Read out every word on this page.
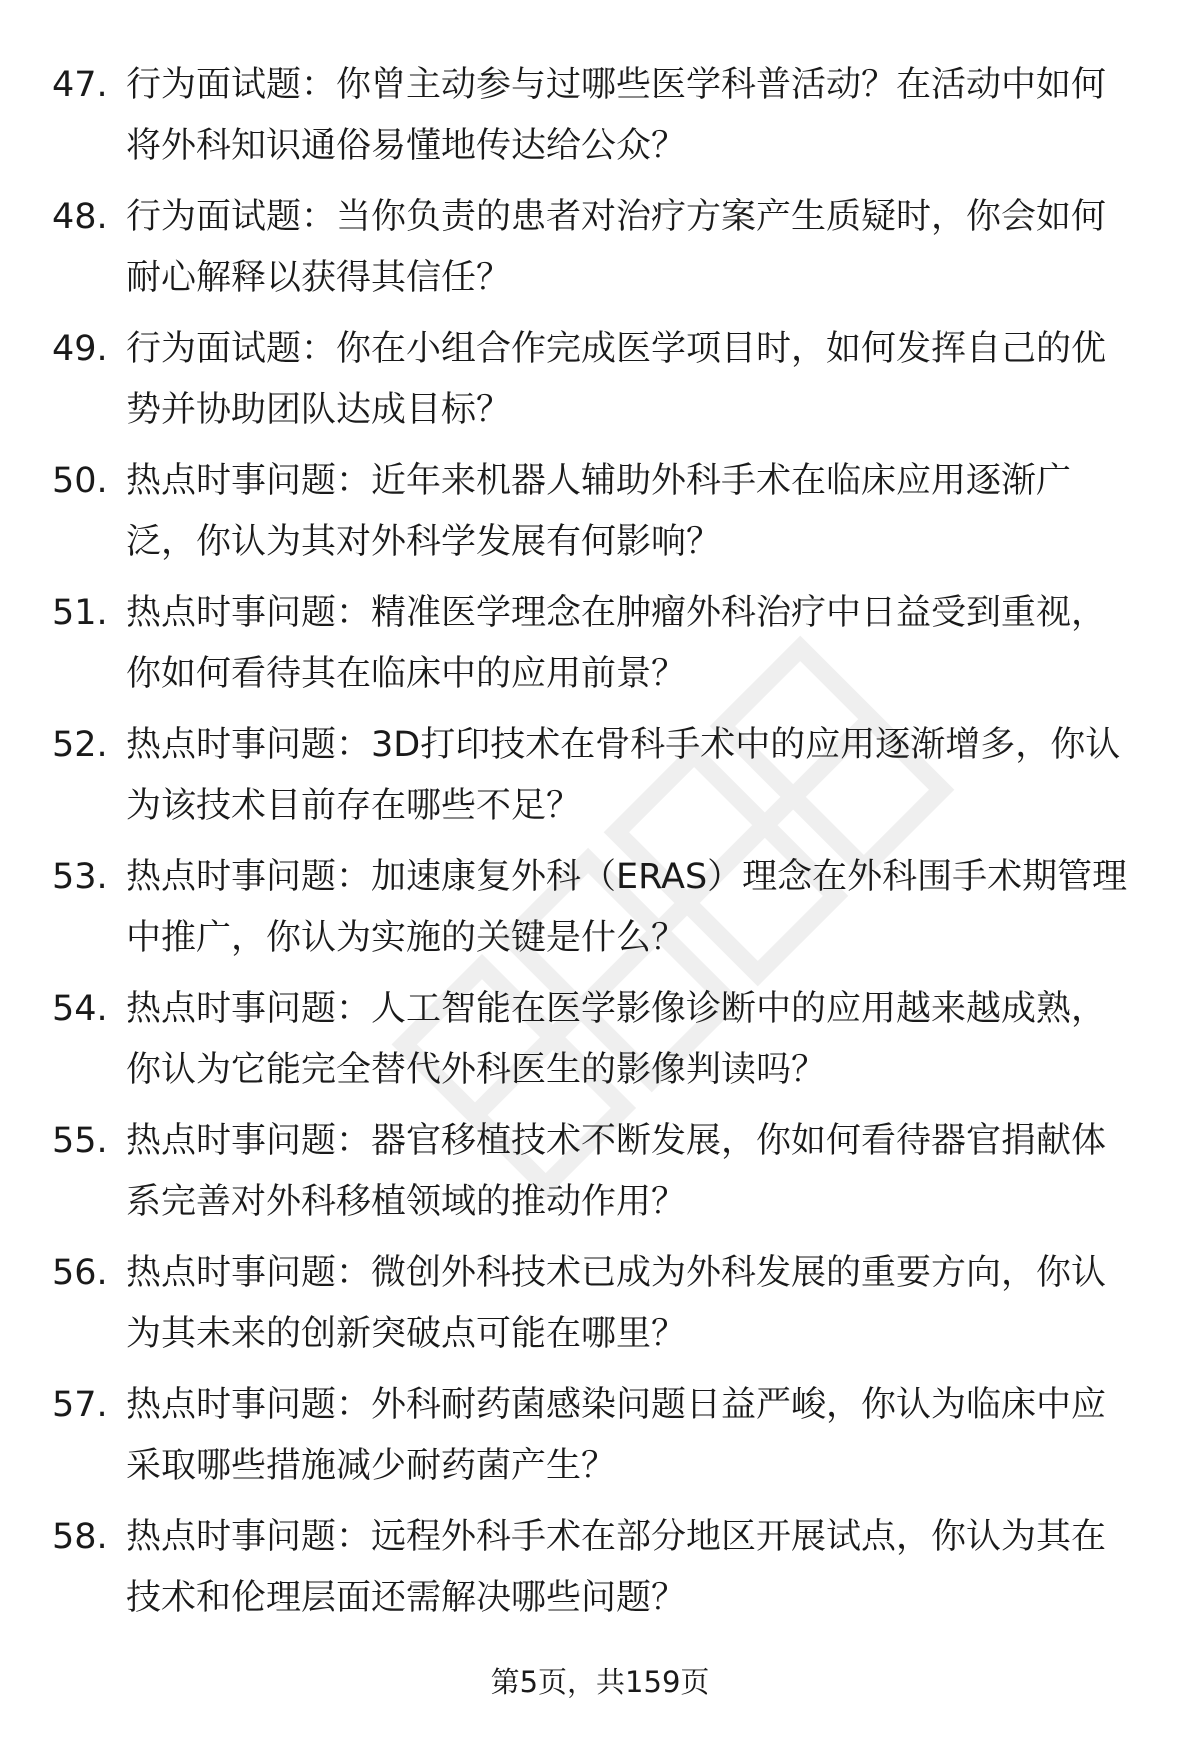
47. 行为面试题：你曾主动参与过哪些医学科普活动？在活动中如何
将外科知识通俗易懂地传达给公众？
48. 行为面试题：当你负责的患者对治疗方案产生质疑时，你会如何
耐心解释以获得其信任？
49. 行为面试题：你在小组合作完成医学项目时，如何发挥自己的优
势并协助团队达成目标？
50. 热点时事问题：近年来机器人辅助外科手术在临床应用逐渐广
泛，你认为其对外科学发展有何影响？
51. 热点时事问题：精准医学理念在肿瘤外科治疗中日益受到重视，
你如何看待其在临床中的应用前景？
52. 热点时事问题：3D打印技术在骨科手术中的应用逐渐增多，你认
为该技术目前存在哪些不足？
53. 热点时事问题：加速康复外科（ERAS）理念在外科围手术期管理
中推广，你认为实施的关键是什么？
54. 热点时事问题：人工智能在医学影像诊断中的应用越来越成熟，
你认为它能完全替代外科医生的影像判读吗？
55. 热点时事问题：器官移植技术不断发展，你如何看待器官捐献体
系完善对外科移植领域的推动作用？
56. 热点时事问题：微创外科技术已成为外科发展的重要方向，你认
为其未来的创新突破点可能在哪里？
57. 热点时事问题：外科耐药菌感染问题日益严峻，你认为临床中应
采取哪些措施减少耐药菌产生？
58. 热点时事问题：远程外科手术在部分地区开展试点，你认为其在
技术和伦理层面还需解决哪些问题？
第5页，共159页
